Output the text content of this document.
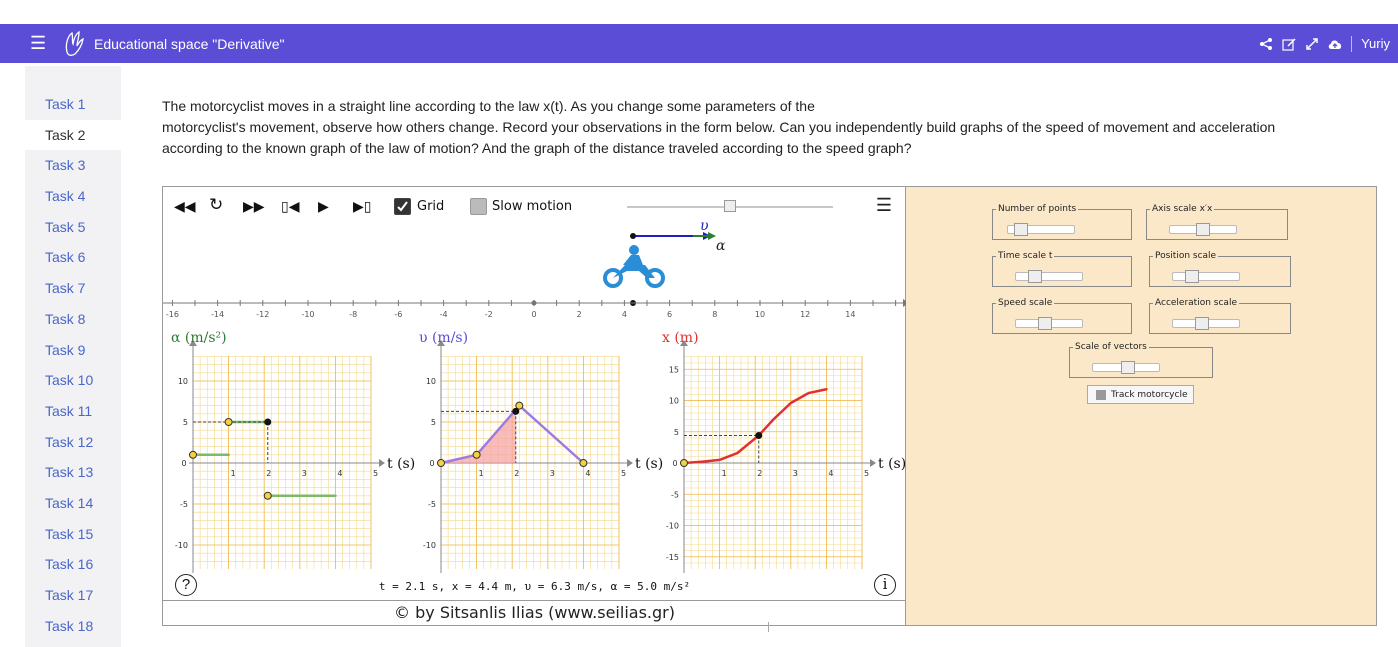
☰	Educational space "Derivative"	Yuriy
Task 1
Task 2
Task 3
Task 4
Task 5
Task 6
Task 7
Task 8
Task 9
Task 10
Task 11
Task 12
Task 13
Task 14
Task 15
Task 16
Task 17
Task 18
The motorcyclist moves in a straight line according to the law x(t). As you change some parameters of the
motorcyclist's movement, observe how others change. Record your observations in the form below. Can you independently build graphs of the speed of movement and acceleration
according to the known graph of the law of motion? And the graph of the distance traveled according to the speed graph?
◀◀ ↻ ▶▶ ▯◀ ▶ ▶▯	Grid	Slow motion	☰
υ
α
-16	-14	-12	-10	-8	-6	-4	-2	0	2	4	6	8	10	12	14
1	2	3	4	5
0
10
5
-5
-10
α (m/s²)
t (s)
1	2	3	4	5
0
10
5
-5
-10
υ (m/s)
t (s)
1	2	3	4	5
0
15
10
5
-5
-10
-15
x (m)
t (s)
?	i
t = 2.1 s, x = 4.4 m, υ = 6.3 m/s, α = 5.0 m/s²
© by Sitsanlis Ilias (www.seilias.gr)
Number of points	Axis scale x′x
Time scale t	Position scale
Speed scale	Acceleration scale
Scale of vectors
Track motorcycle
